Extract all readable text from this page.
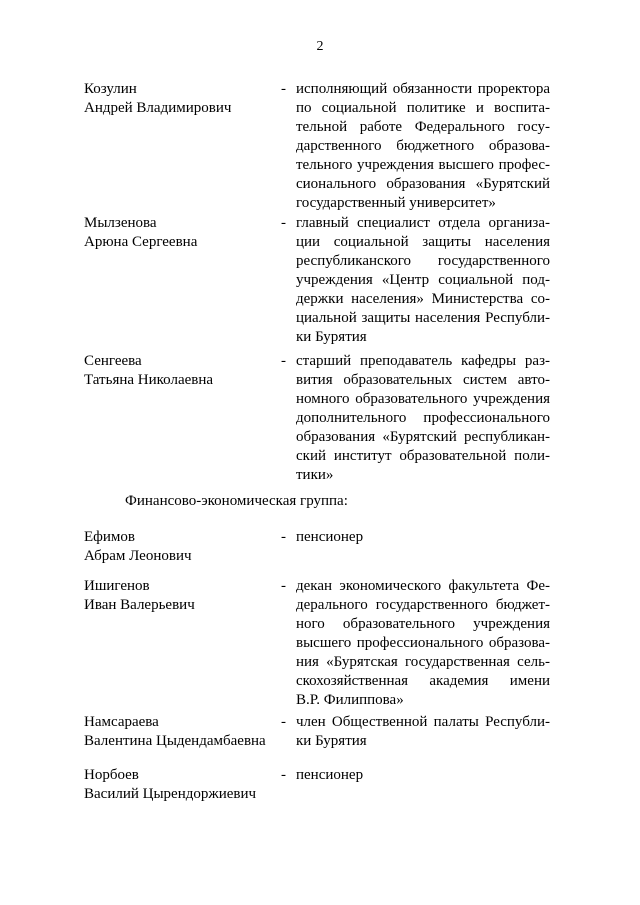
2
Козулин
Андрей Владимирович
- исполняющий обязанности проректора
по социальной политике и воспита-
тельной работе Федерального госу-
дарственного бюджетного образова-
тельного учреждения высшего профес-
сионального образования «Бурятский
государственный университет»
Мылзенова
Арюна Сергеевна
- главный специалист отдела организа-
ции социальной защиты населения
республиканского государственного
учреждения «Центр социальной под-
держки населения» Министерства со-
циальной защиты населения Республи-
ки Бурятия
Сенгеева
Татьяна Николаевна
- старший преподаватель кафедры раз-
вития образовательных систем авто-
номного образовательного учреждения
дополнительного профессионального
образования «Бурятский республикан-
ский институт образовательной поли-
тики»
Финансово-экономическая группа:
Ефимов
Абрам Леонович
- пенсионер
Ишигенов
Иван Валерьевич
- декан экономического факультета Фе-
дерального государственного бюджет-
ного образовательного учреждения
высшего профессионального образова-
ния «Бурятская государственная сель-
скохозяйственная академия имени
В.Р. Филиппова»
Намсараева
Валентина Цыдендамбаевна
- член Общественной палаты Республи-
ки Бурятия
Норбоев
Василий Цырендоржиевич
- пенсионер
